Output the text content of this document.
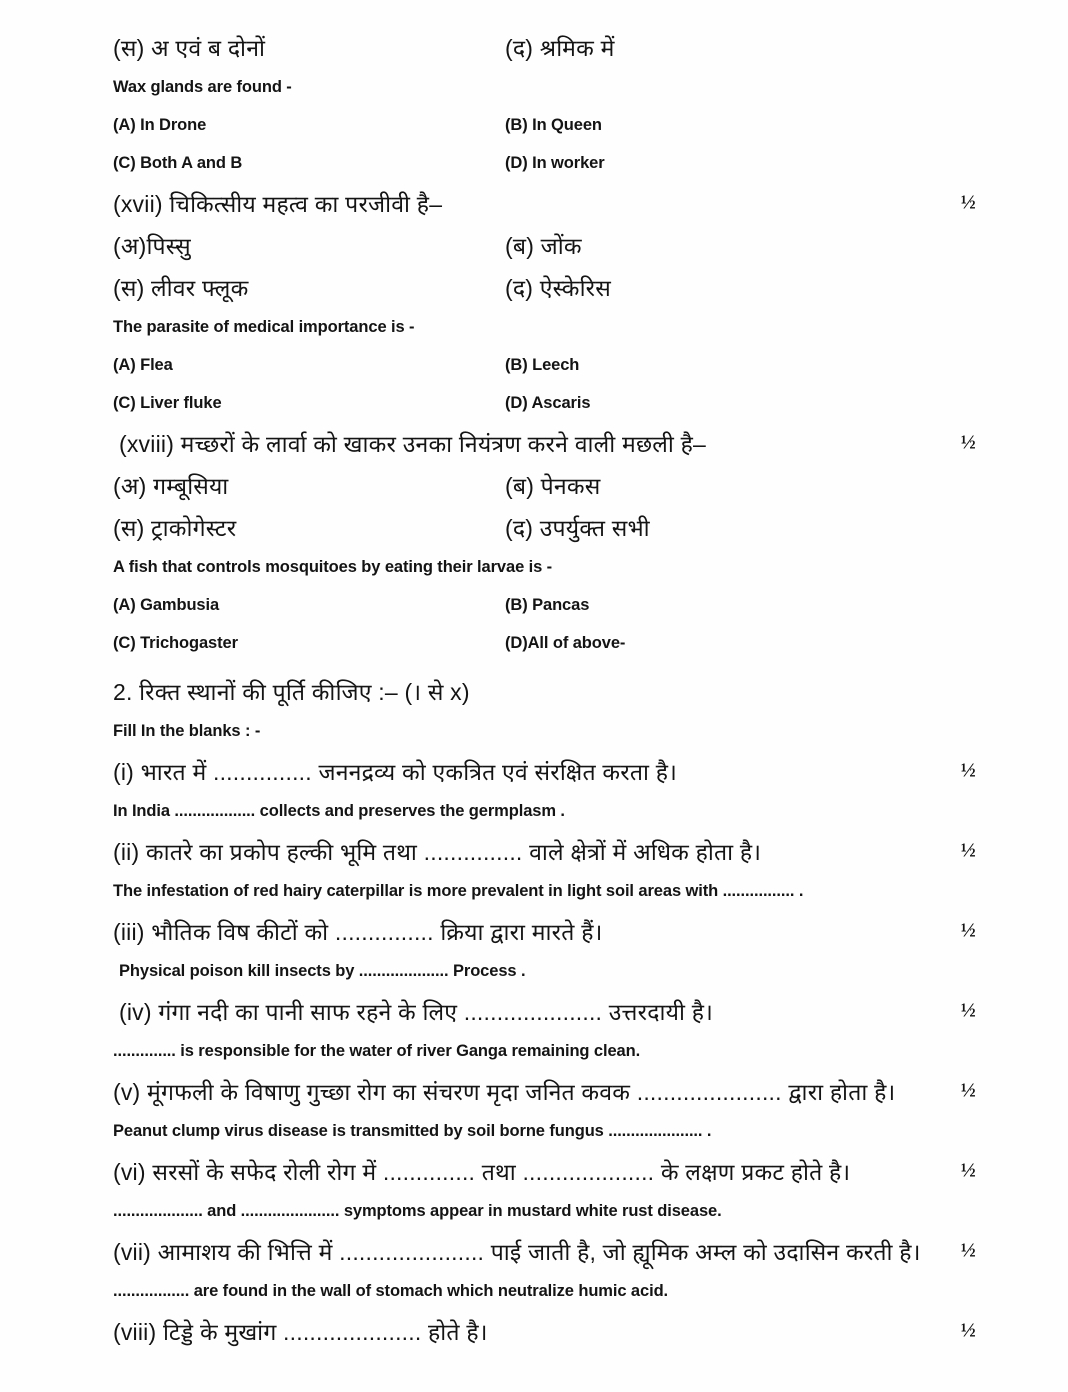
(स) अ एवं ब दोनों	(द) श्रमिक में
Wax glands are found -
(A) In Drone	(B) In Queen
(C) Both A and B	(D) In worker
(xvii) चिकित्सीय महत्व का परजीवी है–	½
(अ)पिस्सु	(ब) जोंक
(स) लीवर फ्लूक	(द) ऐस्केरिस
The parasite of medical importance is -
(A) Flea	(B) Leech
(C) Liver fluke	(D) Ascaris
(xviii) मच्छरों के लार्वा को खाकर उनका नियंत्रण करने वाली मछली है–	½
(अ) गम्बूसिया	(ब) पेनकस
(स) ट्राकोगेस्टर	(द) उपर्युक्त सभी
A fish that controls mosquitoes by eating their larvae is -
(A) Gambusia	(B) Pancas
(C) Trichogaster	(D)All of above-
2. रिक्त स्थानों की पूर्ति कीजिए :– (। से x)
Fill In the blanks : -
(i) भारत में ............... जननद्रव्य को एकत्रित एवं संरक्षित करता है।	½
In India .................. collects and preserves the germplasm .
(ii) कातरे का प्रकोप हल्की भूमि तथा ............... वाले क्षेत्रों में अधिक होता है।	½
The infestation of red hairy caterpillar is more prevalent in light soil areas with ................ .
(iii) भौतिक विष कीटों को ............... क्रिया द्वारा मारते हैं।	½
Physical poison kill insects by .................... Process .
(iv) गंगा नदी का पानी साफ रहने के लिए ..................... उत्तरदायी है।	½
.............. is responsible for the water of river Ganga remaining clean.
(v) मूंगफली के विषाणु गुच्छा रोग का संचरण मृदा जनित कवक ...................... द्वारा होता है।	½
Peanut clump virus disease is transmitted by soil borne fungus ..................... .
(vi) सरसों के सफेद रोली रोग में .............. तथा .................... के लक्षण प्रकट होते है।	½
.................... and ...................... symptoms appear in mustard white rust disease.
(vii) आमाशय की भित्ति में ...................... पाई जाती है, जो ह्यूमिक अम्ल को उदासिन करती है। ½
................. are found in the wall of stomach which neutralize humic acid.
(viii) टिड्डे के मुखांग ..................... होते है।	½
